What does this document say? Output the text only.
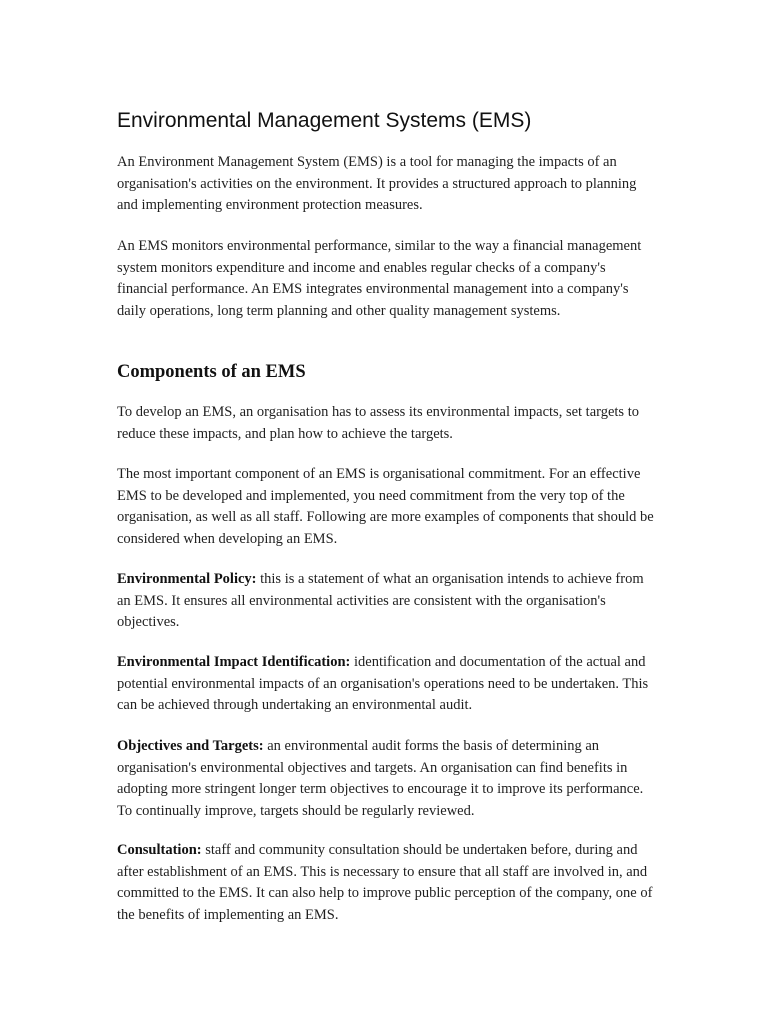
Environmental Management Systems (EMS)

An Environment Management System (EMS) is a tool for managing the impacts of an organisation's activities on the environment. It provides a structured approach to planning and implementing environment protection measures.

An EMS monitors environmental performance, similar to the way a financial management system monitors expenditure and income and enables regular checks of a company's financial performance. An EMS integrates environmental management into a company's daily operations, long term planning and other quality management systems.

Components of an EMS

To develop an EMS, an organisation has to assess its environmental impacts, set targets to reduce these impacts, and plan how to achieve the targets.

The most important component of an EMS is organisational commitment. For an effective EMS to be developed and implemented, you need commitment from the very top of the organisation, as well as all staff. Following are more examples of components that should be considered when developing an EMS.

Environmental Policy: this is a statement of what an organisation intends to achieve from an EMS. It ensures all environmental activities are consistent with the organisation's objectives.

Environmental Impact Identification: identification and documentation of the actual and potential environmental impacts of an organisation's operations need to be undertaken. This can be achieved through undertaking an environmental audit.

Objectives and Targets: an environmental audit forms the basis of determining an organisation's environmental objectives and targets. An organisation can find benefits in adopting more stringent longer term objectives to encourage it to improve its performance. To continually improve, targets should be regularly reviewed.

Consultation: staff and community consultation should be undertaken before, during and after establishment of an EMS. This is necessary to ensure that all staff are involved in, and committed to the EMS. It can also help to improve public perception of the company, one of the benefits of implementing an EMS.
